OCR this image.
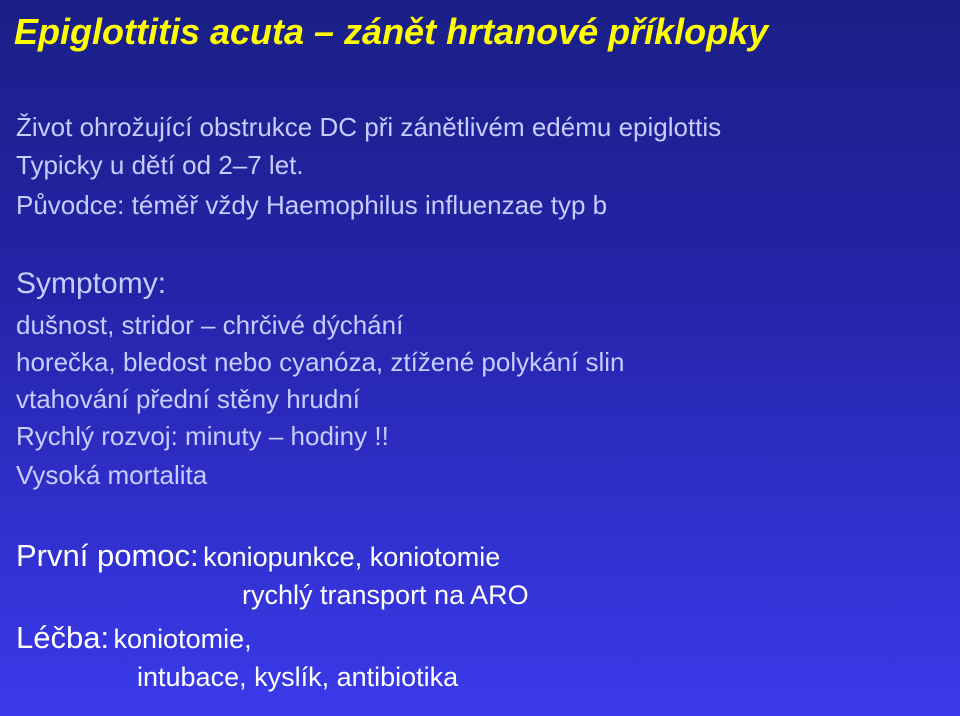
Epiglottitis acuta – zánět hrtanové příklopky
Život ohrožující obstrukce DC při zánětlivém edému epiglottis
Typicky u dětí od 2–7 let.
Původce: téměř vždy Haemophilus influenzae typ b
Symptomy:
dušnost, stridor – chrčivé dýchání
horečka, bledost nebo cyanóza, ztížené polykání slin
vtahování přední stěny hrudní
Rychlý rozvoj: minuty – hodiny !!
Vysoká mortalita
První pomoc: koniopunkce, koniotomie
rychlý transport na ARO
Léčba: koniotomie,
intubace, kyslík, antibiotika
